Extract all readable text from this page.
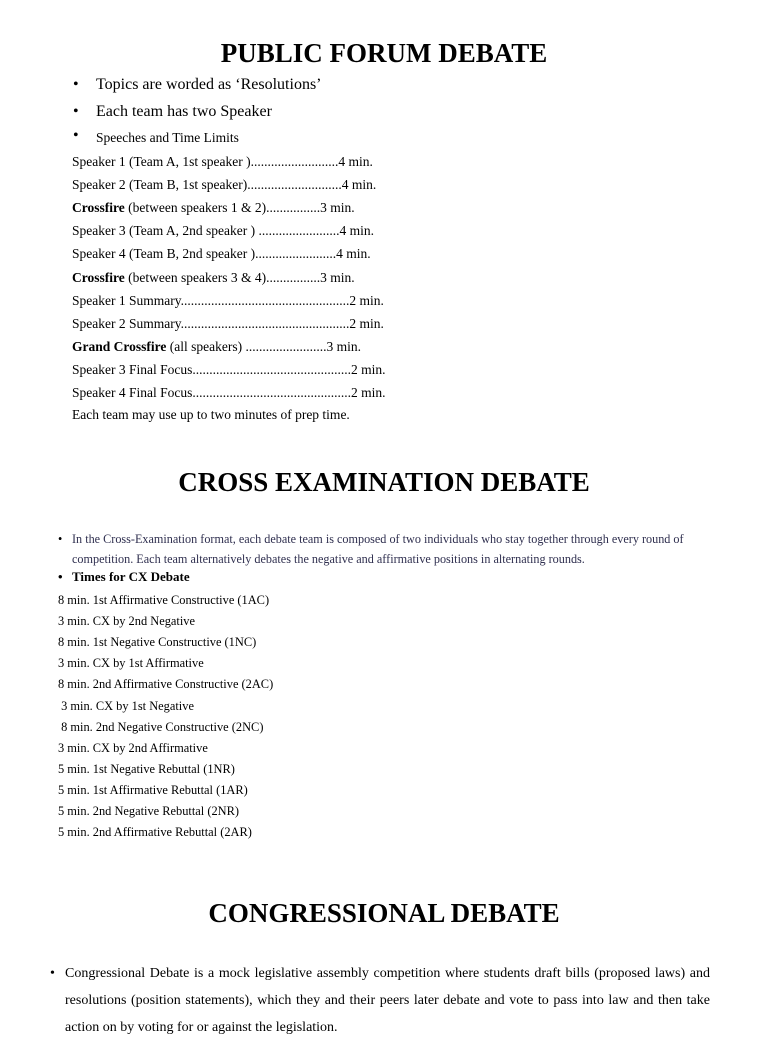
PUBLIC FORUM DEBATE
• Topics are worded as ‘Resolutions’
• Each team has two Speaker
• Speeches and Time Limits
Speaker 1 (Team A, 1st speaker )..........................4 min.
Speaker 2 (Team B, 1st speaker)............................4 min.
Crossfire (between speakers 1 & 2)................3 min.
Speaker 3 (Team A, 2nd speaker ) ........................4 min.
Speaker 4 (Team B, 2nd speaker )........................4 min.
Crossfire (between speakers 3 & 4)................3 min.
Speaker 1 Summary..................................................2 min.
Speaker 2 Summary..................................................2 min.
Grand Crossfire (all speakers) ........................3 min.
Speaker 3 Final Focus...............................................2 min.
Speaker 4 Final Focus...............................................2 min.
Each team may use up to two minutes of prep time.
CROSS EXAMINATION DEBATE
• In the Cross-Examination format, each debate team is composed of two individuals who stay together through every round of competition. Each team alternatively debates the negative and affirmative positions in alternating rounds.
• Times for CX Debate
8 min. 1st Affirmative Constructive (1AC)
3 min. CX by 2nd Negative
8 min. 1st Negative Constructive (1NC)
3 min. CX by 1st Affirmative
8 min. 2nd Affirmative Constructive (2AC)
3 min. CX by 1st Negative
8 min. 2nd Negative Constructive (2NC)
3 min. CX by 2nd Affirmative
5 min. 1st Negative Rebuttal (1NR)
5 min. 1st Affirmative Rebuttal (1AR)
5 min. 2nd Negative Rebuttal (2NR)
5 min. 2nd Affirmative Rebuttal (2AR)
CONGRESSIONAL DEBATE
• Congressional Debate is a mock legislative assembly competition where students draft bills (proposed laws) and resolutions (position statements), which they and their peers later debate and vote to pass into law and then take action on by voting for or against the legislation.
